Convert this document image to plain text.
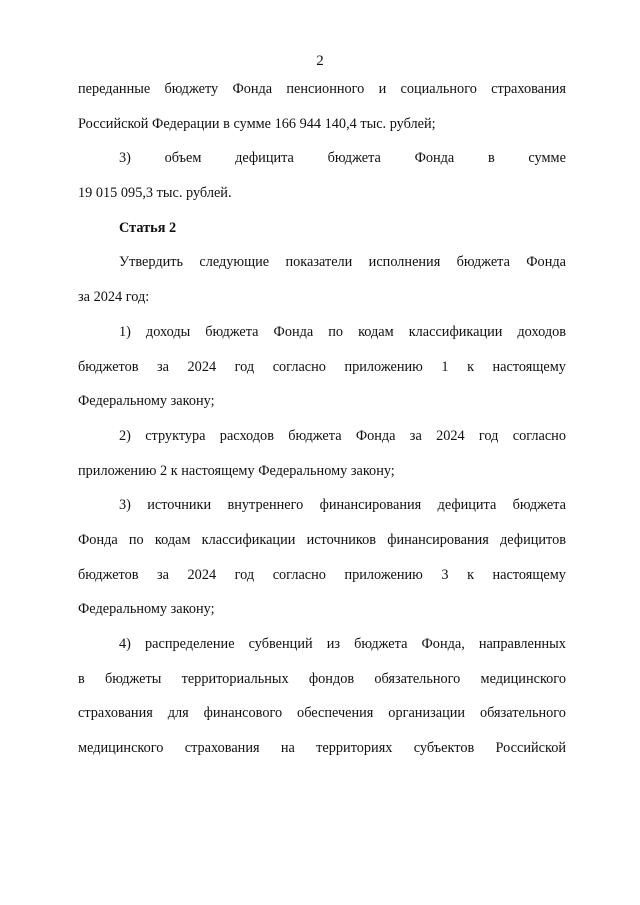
2
переданные бюджету Фонда пенсионного и социального страхования
Российской Федерации в сумме 166 944 140,4 тыс. рублей;
3) объем дефицита бюджета Фонда в сумме
19 015 095,3 тыс. рублей.
Статья 2
Утвердить следующие показатели исполнения бюджета Фонда
за 2024 год:
1) доходы бюджета Фонда по кодам классификации доходов
бюджетов за 2024 год согласно приложению 1 к настоящему
Федеральному закону;
2) структура расходов бюджета Фонда за 2024 год согласно
приложению 2 к настоящему Федеральному закону;
3) источники внутреннего финансирования дефицита бюджета
Фонда по кодам классификации источников финансирования дефицитов
бюджетов за 2024 год согласно приложению 3 к настоящему
Федеральному закону;
4) распределение субвенций из бюджета Фонда, направленных
в бюджеты территориальных фондов обязательного медицинского
страхования для финансового обеспечения организации обязательного
медицинского страхования на территориях субъектов Российской
